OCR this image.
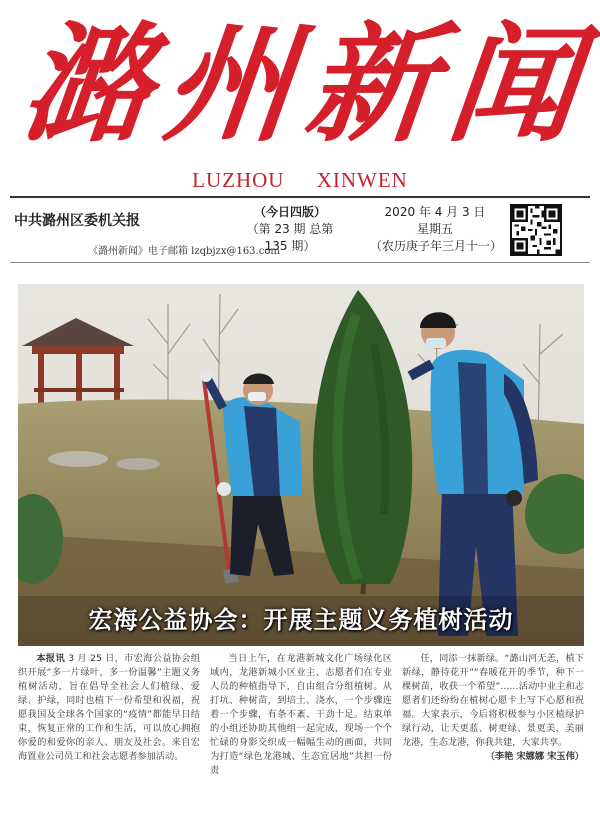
潞
州
新
闻
LUZHOU XINWEN
中共潞州区委机关报
（今日四版）
（第 23 期 总第 135 期）
2020 年 4 月 3 日
星期五
（农历庚子年三月十一）
《潞州新闻》电子邮箱 lzqbjzx@163.com
宏海公益协会：开展主题义务植树活动

本报讯 3 月 25 日，市宏海公益协会组织开展“多一片绿叶，多一份温馨”主题义务植树活动，旨在倡导全社会人们植绿、爱绿、护绿，同时也植下一份希望和祝福，祝愿我国及全球各个国家的“疫情”都能早日结束，恢复正常的工作和生活，可以放心拥抱你爱的和爱你的亲人、朋友及社会。来自宏海置业公司员工和社会志愿者参加活动。

当日上午，在龙港新城文化广场绿化区域内，龙港新城小区业主、志愿者们在专业人员的种植指导下，自由组合分组植树。从打坑、种树苗，到培土、浇水，一个步骤连着一个步骤，有条不紊、干劲十足。结束单的小组还协助其他组一起完成，现场一个个忙碌的身影交织成一幅幅生动的画面，共同为打造“绿色龙港城、生态宜居地”共担一份责

任，同添一抹新绿。“潞山河无恙，植下新绿，静待花开”“春暖花开的季节，种下一棵树苗，收获一个希望”……活动中业主和志愿者们还纷纷在植树心愿卡上写下心愿和祝福。大家表示，今后将积极参与小区植绿护绿行动，让天更蓝、树更绿、景更美，美丽龙港，生态龙港，你我共建，大家共享。

（李艳 宋娜娜 宋玉伟）
